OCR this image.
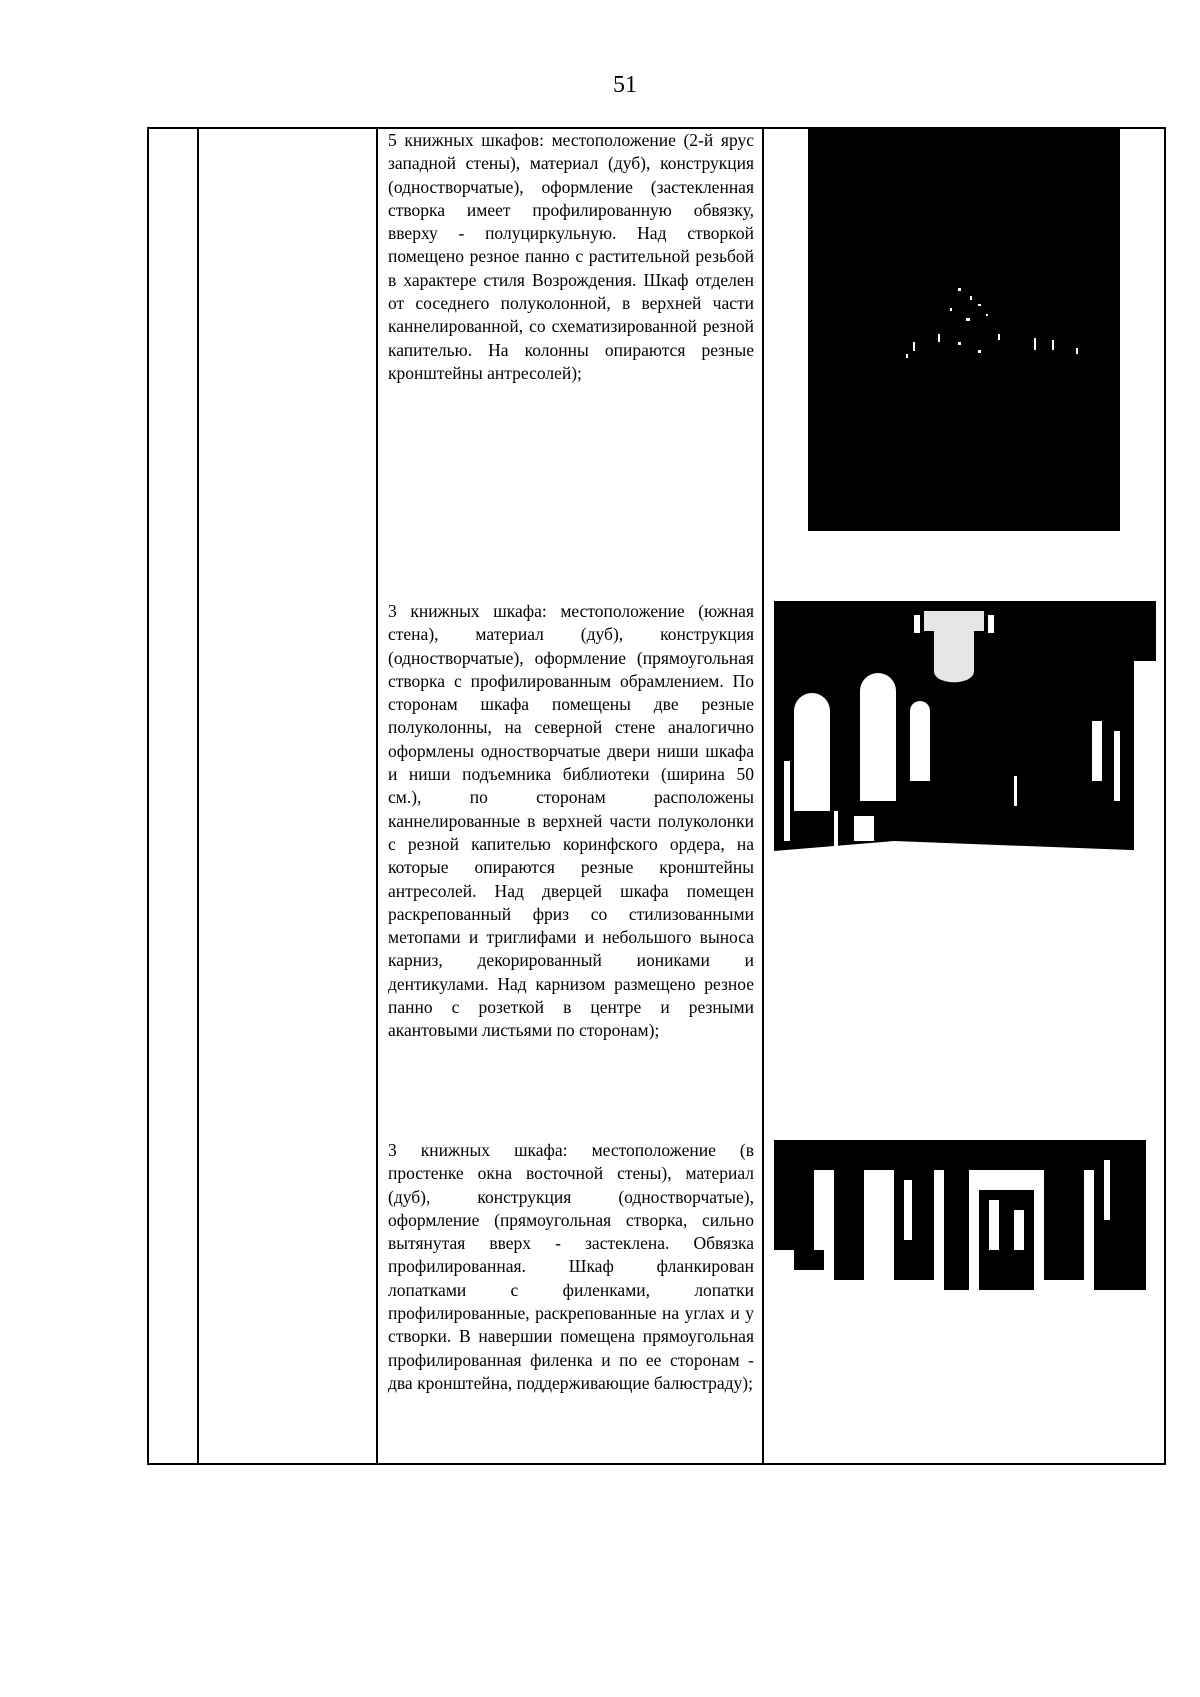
51

5 книжных шкафов: местоположение (2-й ярус западной стены), материал (дуб), конструкция (одностворчатые), оформление (застекленная створка имеет профилированную обвязку, вверху - полуциркульную. Над створкой помещено резное панно с растительной резьбой в характере стиля Возрождения. Шкаф отделен от соседнего полуколонной, в верхней части каннелированной, со схематизированной резной капителью. На колонны опираются резные кронштейны антресолей);
3 книжных шкафа: местоположение (южная стена), материал (дуб), конструкция (одностворчатые), оформление (прямоугольная створка с профилированным обрамлением. По сторонам шкафа помещены две резные полуколонны, на северной стене аналогично оформлены одностворчатые двери ниши шкафа и ниши подъемника библиотеки (ширина 50 см.), по сторонам расположены каннелированные в верхней части полуколонки с резной капителью коринфского ордера, на которые опираются резные кронштейны антресолей. Над дверцей шкафа помещен раскрепованный фриз со стилизованными метопами и триглифами и небольшого выноса карниз, декорированный иониками и дентикулами. Над карнизом размещено резное панно с розеткой в центре и резными акантовыми листьями по сторонам);
3 книжных шкафа: местоположение (в простенке окна восточной стены), материал (дуб), конструкция (одностворчатые), оформление (прямоугольная створка, сильно вытянутая вверх - застеклена. Обвязка профилированная. Шкаф фланкирован лопатками с филенками, лопатки профилированные, раскрепованные на углах и у створки. В навершии помещена прямоугольная профилированная филенка и по ее сторонам - два кронштейна, поддерживающие балюстраду);
